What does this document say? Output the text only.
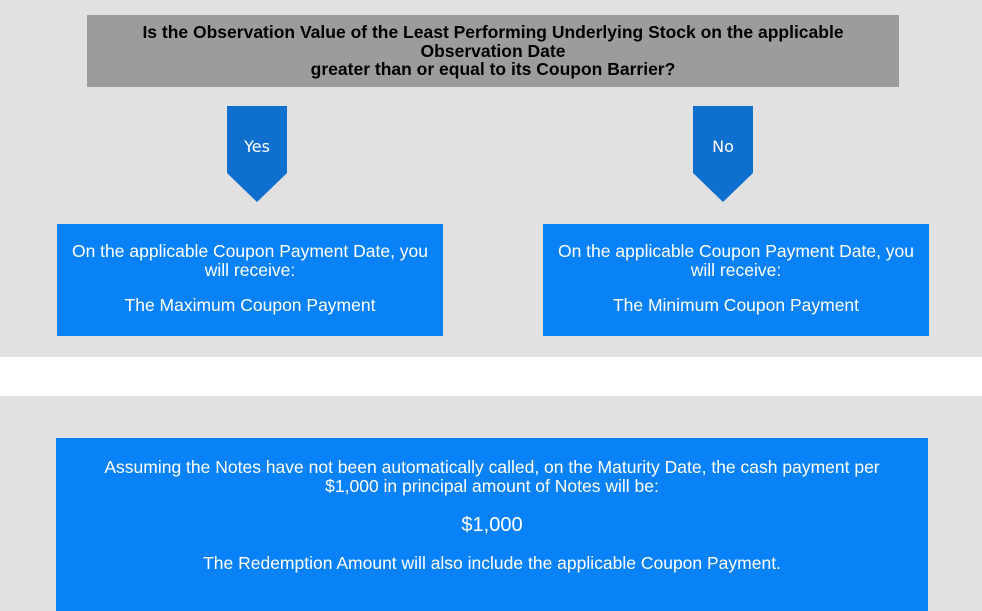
Is the Observation Value of the Least Performing Underlying Stock on the applicable
Observation Date
greater than or equal to its Coupon Barrier?
Yes	No
On the applicable Coupon Payment Date, you
will receive:
The Maximum Coupon Payment
On the applicable Coupon Payment Date, you
will receive:
The Minimum Coupon Payment
Assuming the Notes have not been automatically called, on the Maturity Date, the cash payment per
$1,000 in principal amount of Notes will be:
$1,000
The Redemption Amount will also include the applicable Coupon Payment.
